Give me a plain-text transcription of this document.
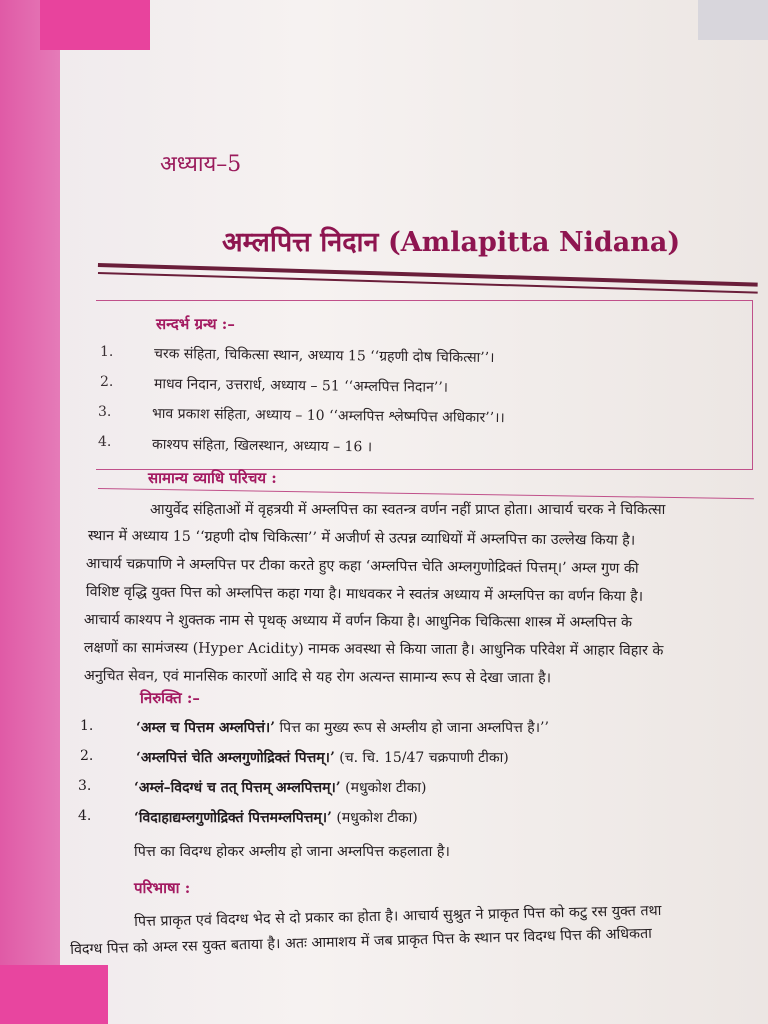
अध्याय–5
अम्लपित्त निदान (Amlapitta Nidana)
सन्दर्भ ग्रन्थ :–
1.	चरक संहिता, चिकित्सा स्थान, अध्याय 15 ‘‘ग्रहणी दोष चिकित्सा’’।
2.	माधव निदान, उत्तरार्ध, अध्याय – 51 ‘‘अम्लपित्त निदान’’।
3.	भाव प्रकाश संहिता, अध्याय – 10 ‘‘अम्लपित्त श्लेष्मपित्त अधिकार’’।।
4.	काश्यप संहिता, खिलस्थान, अध्याय – 16 ।
सामान्य व्याधि परिचय :
आयुर्वेद संहिताओं में वृहत्रयी में अम्लपित्त का स्वतन्त्र वर्णन नहीं प्राप्त होता। आचार्य चरक ने चिकित्सा
स्थान में अध्याय 15 ‘‘ग्रहणी दोष चिकित्सा’’ में अजीर्ण से उत्पन्न व्याधियों में अम्लपित्त का उल्लेख किया है।
आचार्य चक्रपाणि ने अम्लपित्त पर टीका करते हुए कहा ‘अम्लपित्त चेति अम्लगुणोद्रिक्तं पित्तम्।’ अम्ल गुण की
विशिष्ट वृद्धि युक्त पित्त को अम्लपित्त कहा गया है। माधवकर ने स्वतंत्र अध्याय में अम्लपित्त का वर्णन किया है।
आचार्य काश्यप ने शुक्तक नाम से पृथक् अध्याय में वर्णन किया है। आधुनिक चिकित्सा शास्त्र में अम्लपित्त के
लक्षणों का सामंजस्य (Hyper Acidity) नामक अवस्था से किया जाता है। आधुनिक परिवेश में आहार विहार के
अनुचित सेवन, एवं मानसिक कारणों आदि से यह रोग अत्यन्त सामान्य रूप से देखा जाता है।
निरुक्ति :–
1.	‘अम्ल च पित्तम अम्लपित्तं।’ पित्त का मुख्य रूप से अम्लीय हो जाना अम्लपित्त है।’’
2.	‘अम्लपित्तं चेति अम्लगुणोद्रिक्तं पित्तम्।’ (च. चि. 15/47 चक्रपाणी टीका)
3.	‘अम्लं–विदग्धं च तत् पित्तम् अम्लपित्तम्।’ (मधुकोश टीका)
4.	‘विदाहाद्यम्लगुणोद्रिक्तं पित्तमम्लपित्तम्।’ (मधुकोश टीका)
पित्त का विदग्ध होकर अम्लीय हो जाना अम्लपित्त कहलाता है।
परिभाषा :
पित्त प्राकृत एवं विदग्ध भेद से दो प्रकार का होता है। आचार्य सुश्रुत ने प्राकृत पित्त को कटु रस युक्त तथा
विदग्ध पित्त को अम्ल रस युक्त बताया है। अतः आमाशय में जब प्राकृत पित्त के स्थान पर विदग्ध पित्त की अधिकता
